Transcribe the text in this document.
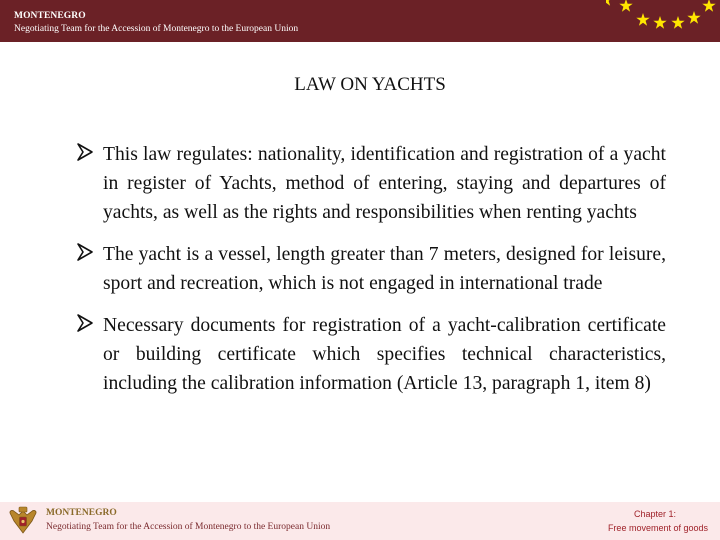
MONTENEGRO
Negotiating Team for the Accession of Montenegro to the European Union
LAW ON YACHTS
This law regulates: nationality, identification and registration of a yacht in register of Yachts, method of entering, staying and departures of yachts, as well as the rights and responsibilities when renting yachts
The yacht is a vessel, length greater than 7 meters, designed for leisure, sport and recreation, which is not engaged in international trade
Necessary documents for registration of a yacht-calibration certificate or building certificate which specifies technical characteristics, including the calibration information (Article 13, paragraph 1, item 8)
MONTENEGRO
Negotiating Team for the Accession of Montenegro to the European Union
Chapter 1:
Free movement of goods
